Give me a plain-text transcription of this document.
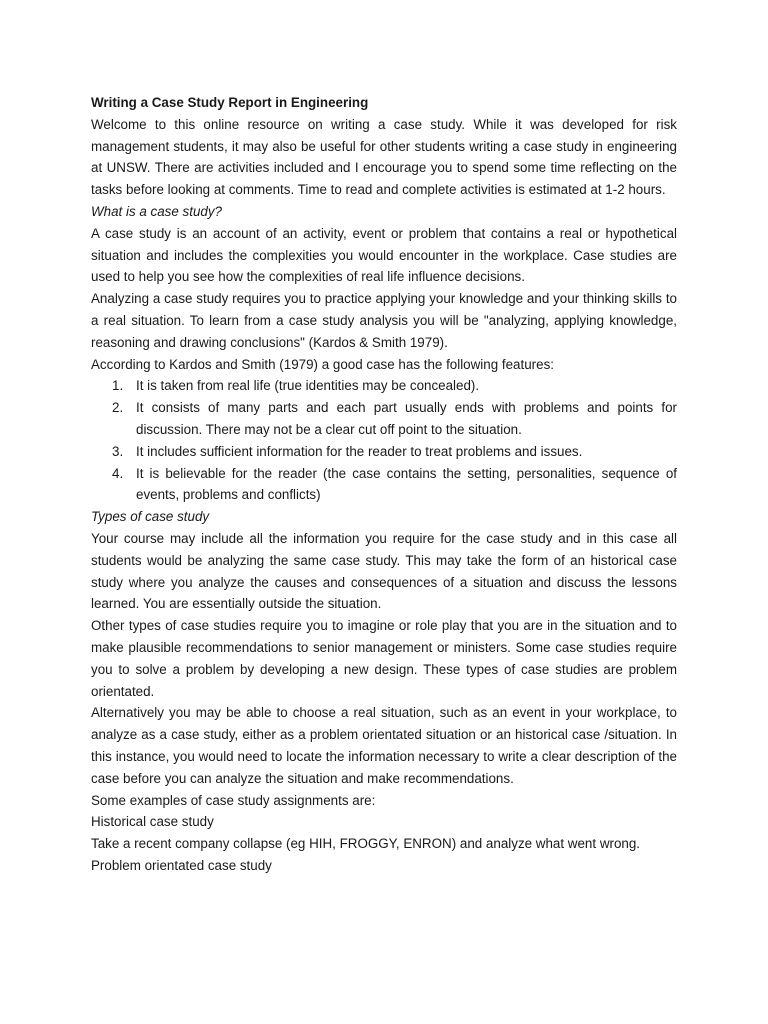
Writing a Case Study Report in Engineering

Welcome to this online resource on writing a case study. While it was developed for risk management students, it may also be useful for other students writing a case study in engineering at UNSW. There are activities included and I encourage you to spend some time reflecting on the tasks before looking at comments. Time to read and complete activities is estimated at 1-2 hours.

What is a case study?

A case study is an account of an activity, event or problem that contains a real or hypothetical situation and includes the complexities you would encounter in the workplace. Case studies are used to help you see how the complexities of real life influence decisions.

Analyzing a case study requires you to practice applying your knowledge and your thinking skills to a real situation. To learn from a case study analysis you will be "analyzing, applying knowledge, reasoning and drawing conclusions" (Kardos & Smith 1979).

According to Kardos and Smith (1979) a good case has the following features:

1. It is taken from real life (true identities may be concealed).
2. It consists of many parts and each part usually ends with problems and points for discussion. There may not be a clear cut off point to the situation.
3. It includes sufficient information for the reader to treat problems and issues.
4. It is believable for the reader (the case contains the setting, personalities, sequence of events, problems and conflicts)

Types of case study

Your course may include all the information you require for the case study and in this case all students would be analyzing the same case study. This may take the form of an historical case study where you analyze the causes and consequences of a situation and discuss the lessons learned. You are essentially outside the situation.

Other types of case studies require you to imagine or role play that you are in the situation and to make plausible recommendations to senior management or ministers. Some case studies require you to solve a problem by developing a new design. These types of case studies are problem orientated.

Alternatively you may be able to choose a real situation, such as an event in your workplace, to analyze as a case study, either as a problem orientated situation or an historical case /situation. In this instance, you would need to locate the information necessary to write a clear description of the case before you can analyze the situation and make recommendations.

Some examples of case study assignments are:

Historical case study

Take a recent company collapse (eg HIH, FROGGY, ENRON) and analyze what went wrong.

Problem orientated case study
